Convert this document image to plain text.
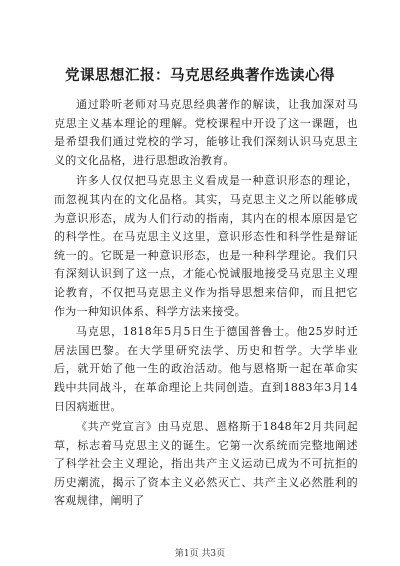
党课思想汇报：马克思经典著作选读心得

通过聆听老师对马克思经典著作的解读，让我加深对马克思主义基本理论的理解。党校课程中开设了这一课题，也是希望我们通过党校的学习，能够让我们深刻认识马克思主义的文化品格，进行思想政治教育。

许多人仅仅把马克思主义看成是一种意识形态的理论，而忽视其内在的文化品格。其实，马克思主义之所以能够成为意识形态，成为人们行动的指南，其内在的根本原因是它的科学性。在马克思主义这里，意识形态性和科学性是辩证统一的。它既是一种意识形态，也是一种科学理论。我们只有深刻认识到了这一点，才能心悦诚服地接受马克思主义理论教育，不仅把马克思主义作为指导思想来信仰，而且把它作为一种知识体系、科学方法来接受。

马克思，1818年5月5日生于德国普鲁士。他25岁时迁居法国巴黎。在大学里研究法学、历史和哲学。大学毕业后，就开始了他一生的政治活动。他与恩格斯一起在革命实践中共同战斗，在革命理论上共同创造。直到1883年3月14日因病逝世。

《共产党宣言》由马克思、恩格斯于1848年2月共同起草，标志着马克思主义的诞生。它第一次系统而完整地阐述了科学社会主义理论，指出共产主义运动已成为不可抗拒的历史潮流，揭示了资本主义必然灭亡、共产主义必然胜利的客观规律，阐明了

第1页 共3页
